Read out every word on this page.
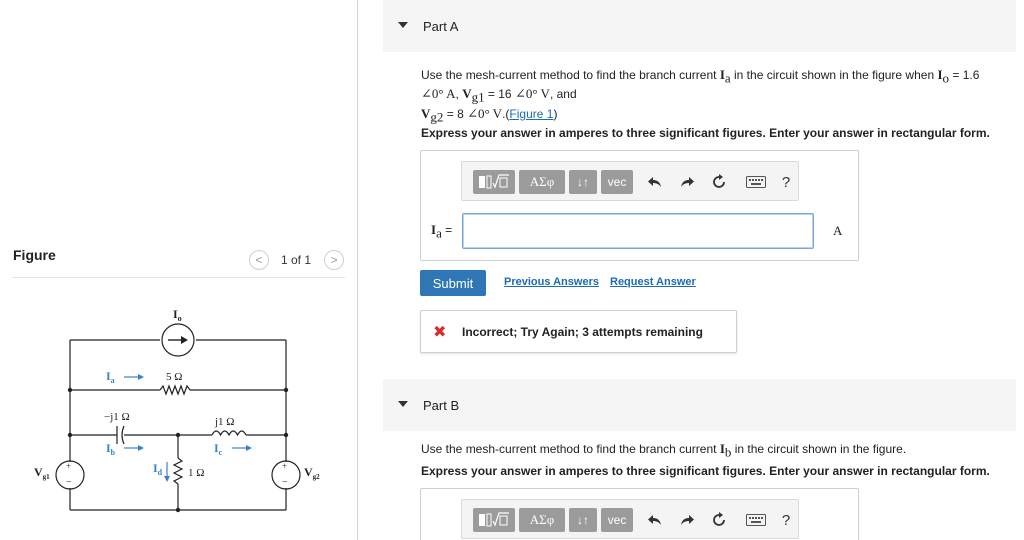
Figure	<	1 of 1	>
+
−
+
−
$I_o$
$I_a$
$I_b$	$I_c$
$I_d$
5 Ω
−j1 Ω	j1 Ω
1 Ω
$V_{g1}$	$V_{g2}$
Part A
Use the mesh-current method to find the branch current $I_a$ in the circuit shown in the figure when $I_o = 1.6$
∠0° A, $V_{g1} = 16$ ∠0° V, and
$V_{g2} = 8$ ∠0° V.(Figure 1)
Express your answer in amperes to three significant figures. Enter your answer in rectangular form.
ΑΣφ	↓↑	vec	?
$I_a$ =	A
Submit	Previous Answers Request Answer
✖ Incorrect; Try Again; 3 attempts remaining
Part B
Use the mesh-current method to find the branch current $I_b$ in the circuit shown in the figure.
Express your answer in amperes to three significant figures. Enter your answer in rectangular form.
ΑΣφ	↓↑	vec	?
